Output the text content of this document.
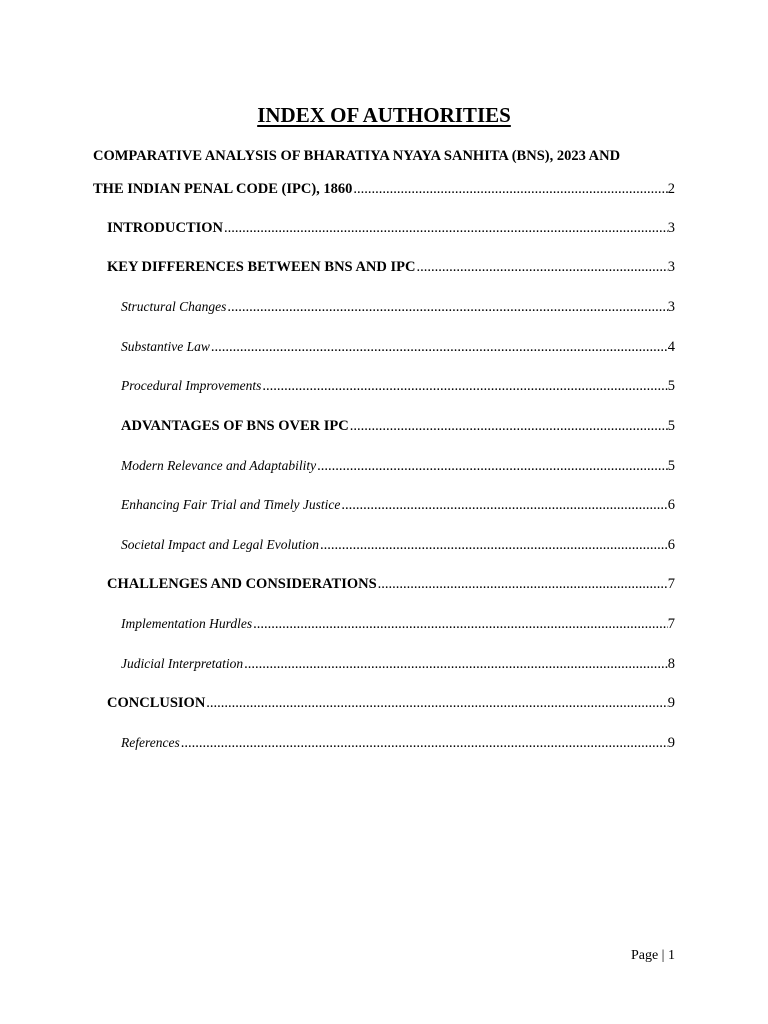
INDEX OF AUTHORITIES
COMPARATIVE ANALYSIS OF BHARATIYA NYAYA SANHITA (BNS), 2023 AND
THE INDIAN PENAL CODE (IPC), 1860 .....	2
INTRODUCTION .....	3
KEY DIFFERENCES BETWEEN BNS AND IPC .....	3
Structural Changes .....	3
Substantive Law .....	4
Procedural Improvements .....	5
ADVANTAGES OF BNS OVER IPC .....	5
Modern Relevance and Adaptability .....	5
Enhancing Fair Trial and Timely Justice .....	6
Societal Impact and Legal Evolution .....	6
CHALLENGES AND CONSIDERATIONS .....	7
Implementation Hurdles .....	7
Judicial Interpretation .....	8
CONCLUSION .....	9
References .....	9
Page | 1
